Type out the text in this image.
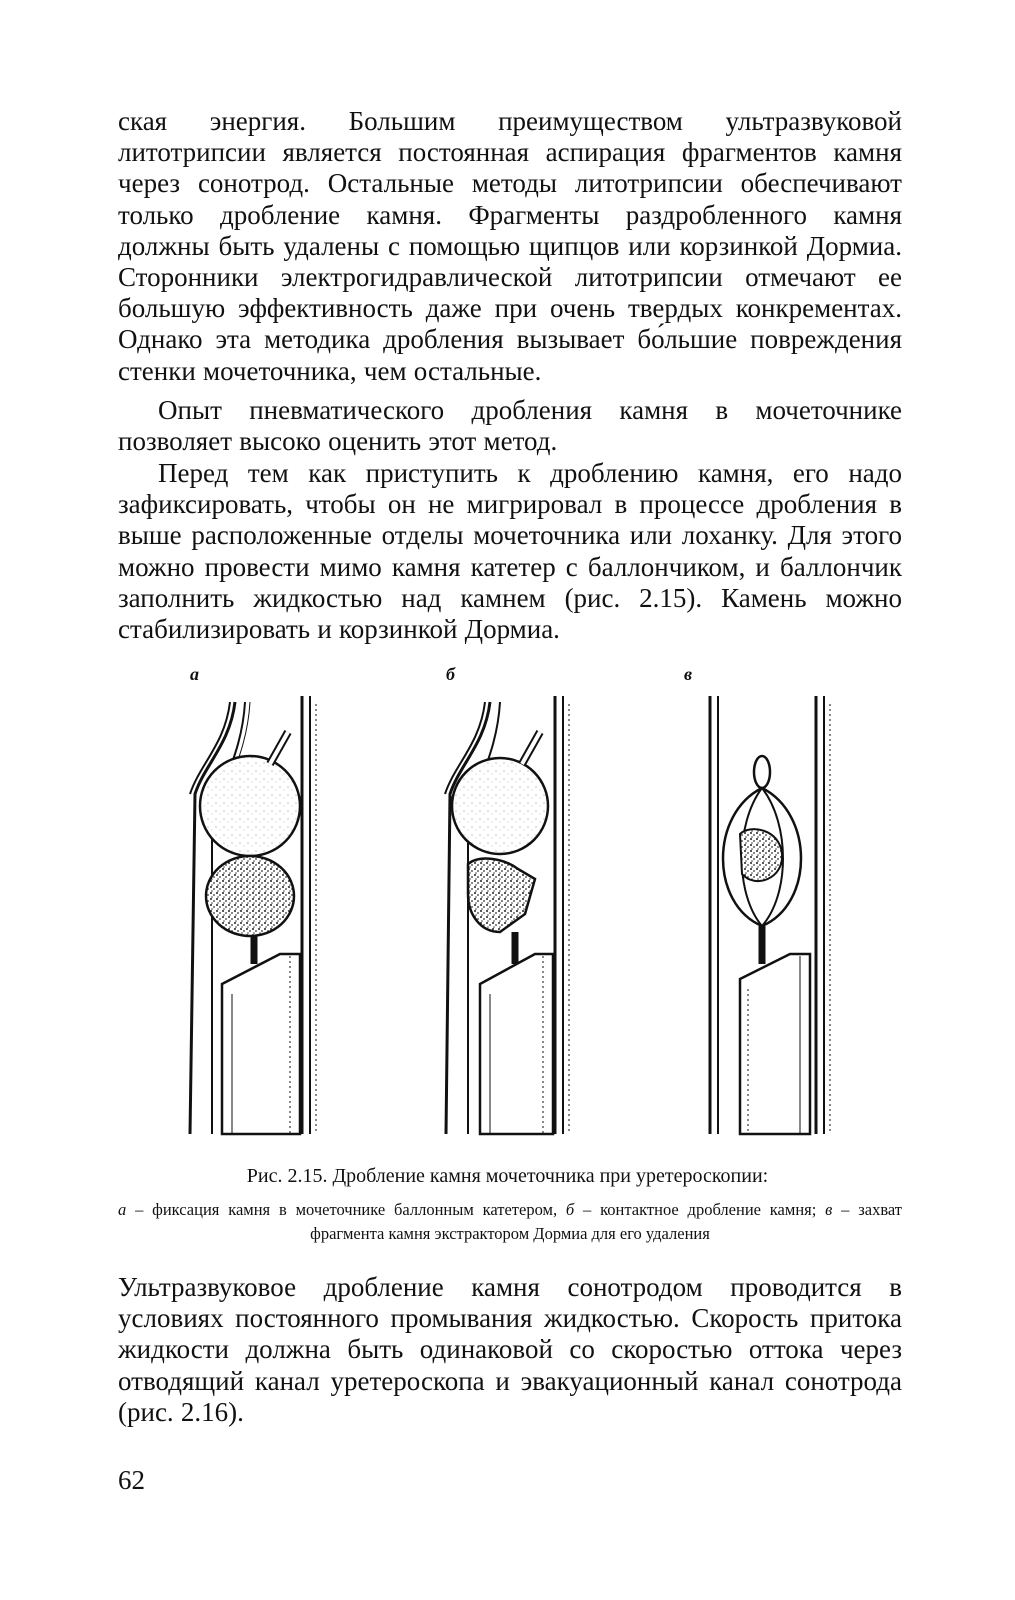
ская энергия. Большим преимуществом ультразвуковой литотрипсии является постоянная аспирация фрагментов камня через сонотрод. Остальные методы литотрипсии обеспечивают только дробление камня. Фрагменты раздробленного камня должны быть удалены с помощью щипцов или корзинкой Дормиа. Сторонники электрогидравлической литотрипсии отмечают ее большую эффективность даже при очень твердых конкрементах. Однако эта методика дробления вызывает бо́льшие повреждения стенки мочеточника, чем остальные.

Опыт пневматического дробления камня в мочеточнике позволяет высоко оценить этот метод.

Перед тем как приступить к дроблению камня, его надо зафиксировать, чтобы он не мигрировал в процессе дробления в выше расположенные отделы мочеточника или лоханку. Для этого можно провести мимо камня катетер с баллончиком, и баллончик заполнить жидкостью над камнем (рис. 2.15). Камень можно стабилизировать и корзинкой Дормиа.

а	б	в
Рис. 2.15. Дробление камня мочеточника при уретероскопии:
а – фиксация камня в мочеточнике баллонным катетером, б – контактное дробление камня; в – захват фрагмента камня экстрактором Дормиа для его удаления

Ультразвуковое дробление камня сонотродом проводится в условиях постоянного промывания жидкостью. Скорость притока жидкости должна быть одинаковой со скоростью оттока через отводящий канал уретероскопа и эвакуационный канал сонотрода (рис. 2.16).

62
